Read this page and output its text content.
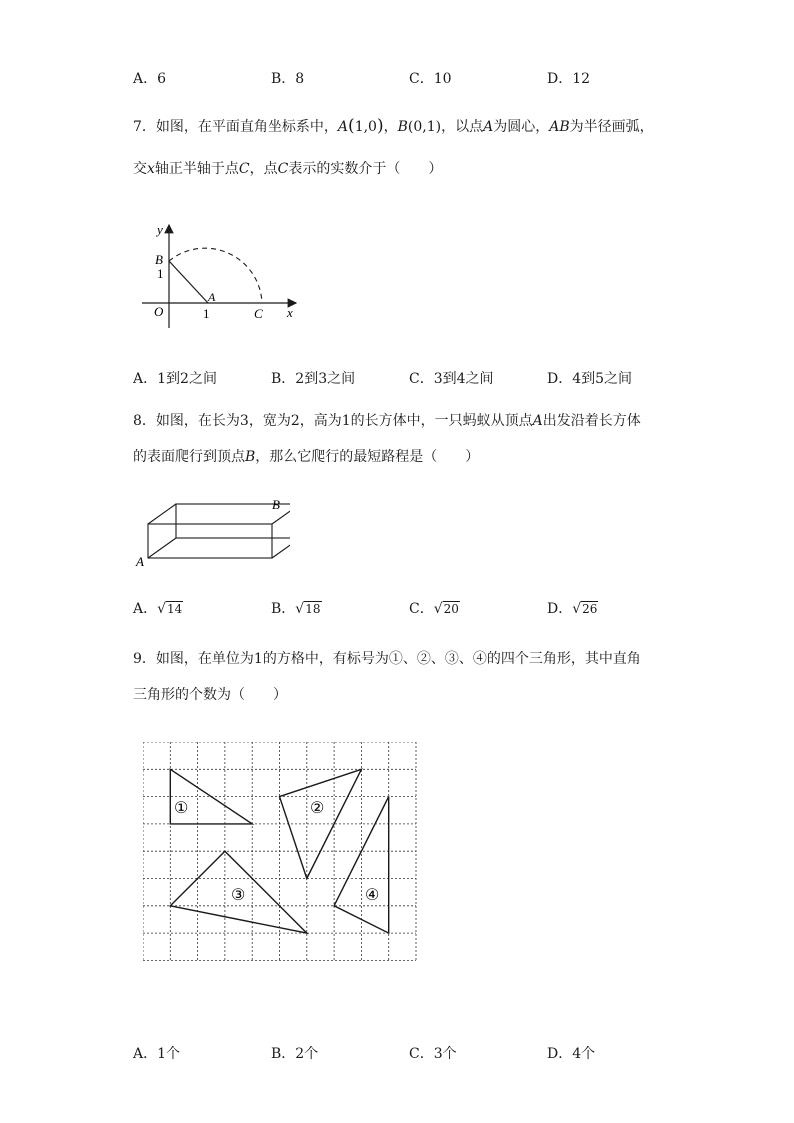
A．6	B．8	C．10	D．12
7．如图，在平面直角坐标系中，A(1,0)，B(0,1)，以点A为圆心，AB为半径画弧，
交x轴正半轴于点C，点C表示的实数介于（　　）
y
B
1
A
O	1	C x
A．1到2之间	B．2到3之间	C．3到4之间	D．4到5之间
8．如图，在长为3，宽为2，高为1的长方体中，一只蚂蚁从顶点A出发沿着长方体
的表面爬行到顶点B，那么它爬行的最短路程是（　　）
A
B
A．√14	B．√18	C．√20	D．√26
9．如图，在单位为1的方格中，有标号为①、②、③、④的四个三角形，其中直角
三角形的个数为（　　）
①	②
③	④
A．1个	B．2个	C．3个	D．4个
